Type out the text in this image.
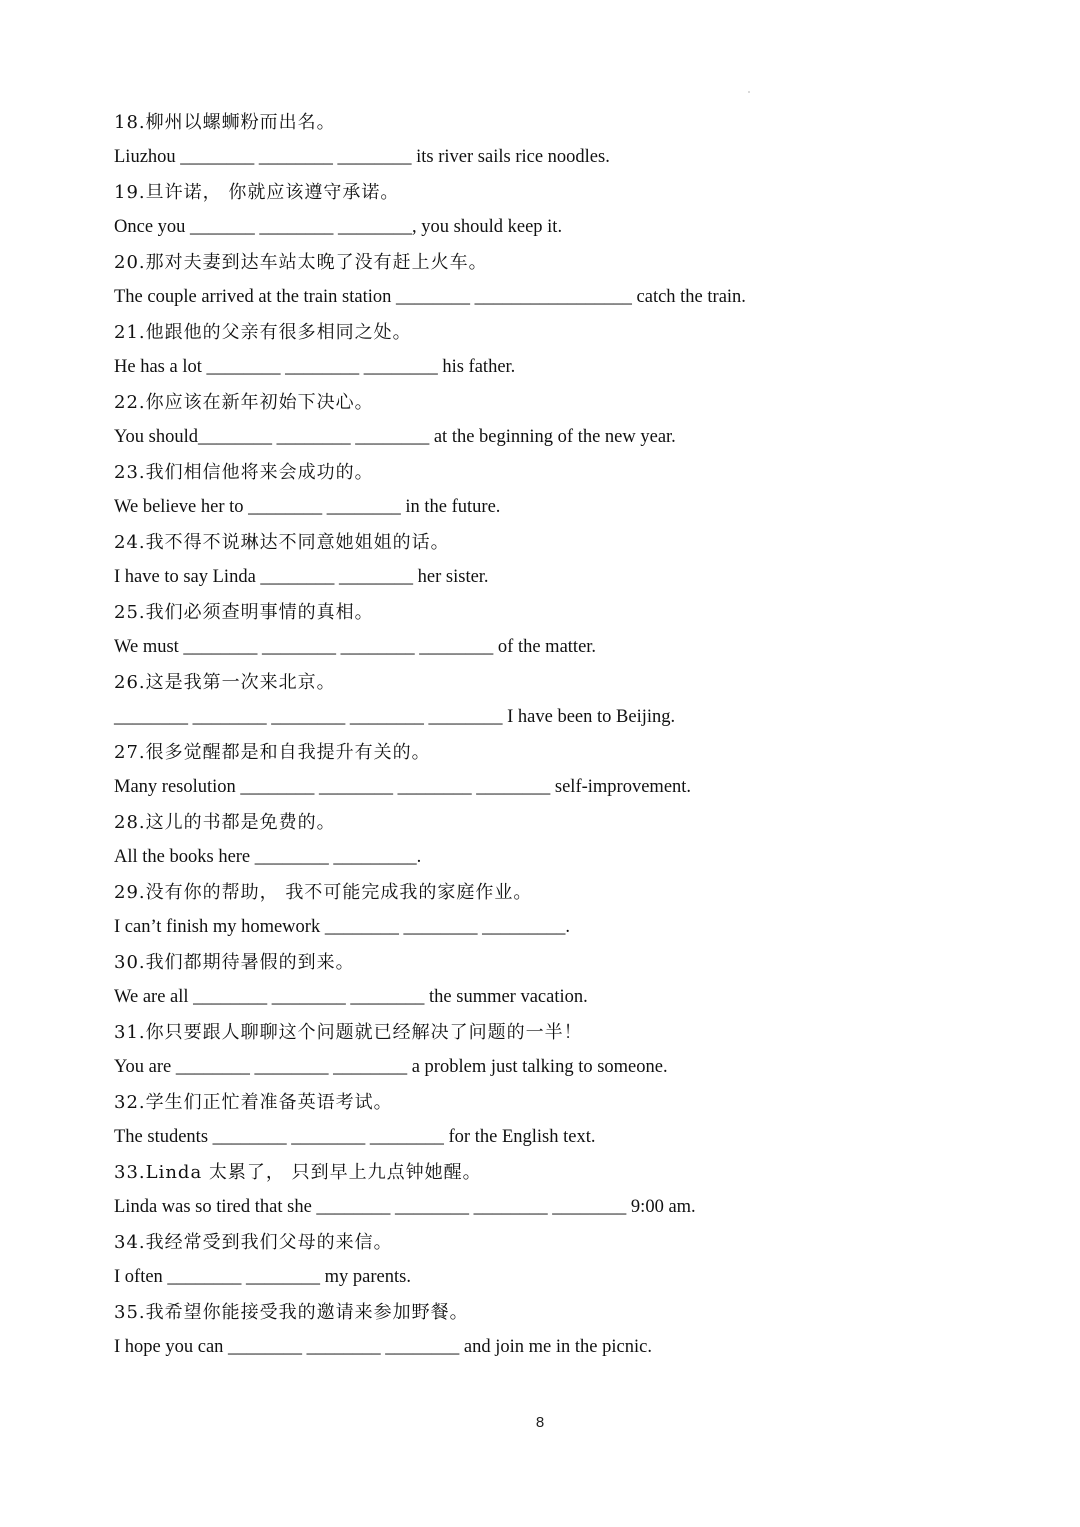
18.柳州以螺蛳粉而出名。
Liuzhou ________ ________ ________ its river sails rice noodles.
19.旦许诺， 你就应该遵守承诺。
Once you _______ ________ ________, you should keep it.
20.那对夫妻到达车站太晚了没有赶上火车。
The couple arrived at the train station ________ _________________ catch the train.
21.他跟他的父亲有很多相同之处。
He has a lot ________ ________ ________ his father.
22.你应该在新年初始下决心。
You should________ ________ ________ at the beginning of the new year.
23.我们相信他将来会成功的。
We believe her to ________ ________ in the future.
24.我不得不说琳达不同意她姐姐的话。
I have to say Linda ________ ________ her sister.
25.我们必须查明事情的真相。
We must ________ ________ ________ ________ of the matter.
26.这是我第一次来北京。
________ ________ ________ ________ ________ I have been to Beijing.
27.很多觉醒都是和自我提升有关的。
Many resolution ________ ________ ________ ________ self-improvement.
28.这儿的书都是免费的。
All the books here ________ _________.
29.没有你的帮助， 我不可能完成我的家庭作业。
I can’t finish my homework ________ ________ _________.
30.我们都期待暑假的到来。
We are all ________ ________ ________ the summer vacation.
31.你只要跟人聊聊这个问题就已经解决了问题的一半！
You are ________ ________ ________ a problem just talking to someone.
32.学生们正忙着准备英语考试。
The students ________ ________ ________ for the English text.
33.Linda 太累了， 只到早上九点钟她醒。
Linda was so tired that she ________ ________ ________ ________ 9:00 am.
34.我经常受到我们父母的来信。
I often ________ ________ my parents.
35.我希望你能接受我的邀请来参加野餐。
I hope you can ________ ________ ________ and join me in the picnic.
8
